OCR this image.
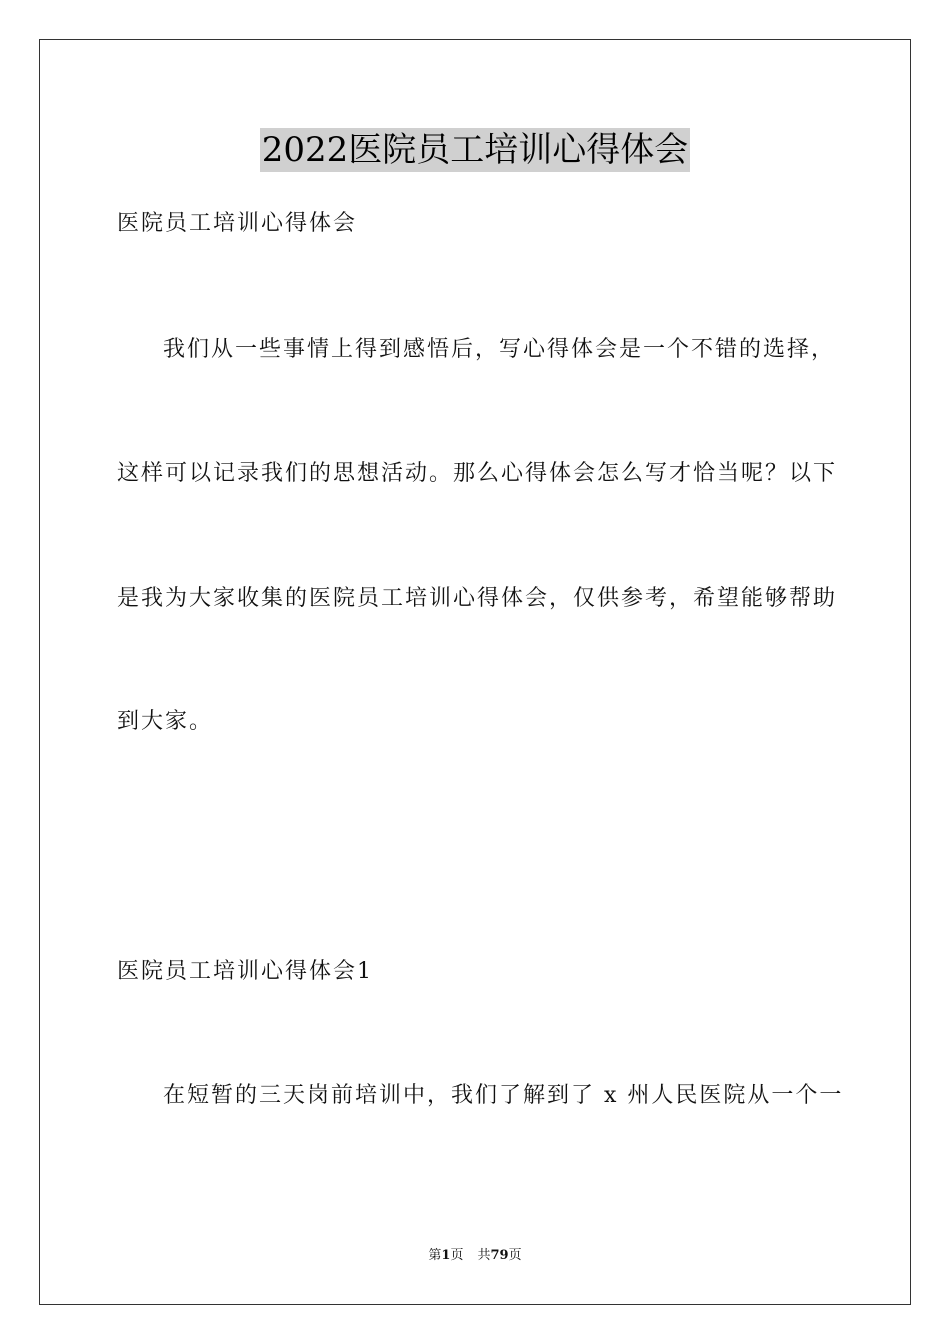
2022医院员工培训心得体会
医院员工培训心得体会
我们从一些事情上得到感悟后，写心得体会是一个不错的选择，
这样可以记录我们的思想活动。那么心得体会怎么写才恰当呢？以下
是我为大家收集的医院员工培训心得体会，仅供参考，希望能够帮助
到大家。
医院员工培训心得体会1
在短暂的三天岗前培训中，我们了解到了 x 州人民医院从一个一
第1页 共79页
